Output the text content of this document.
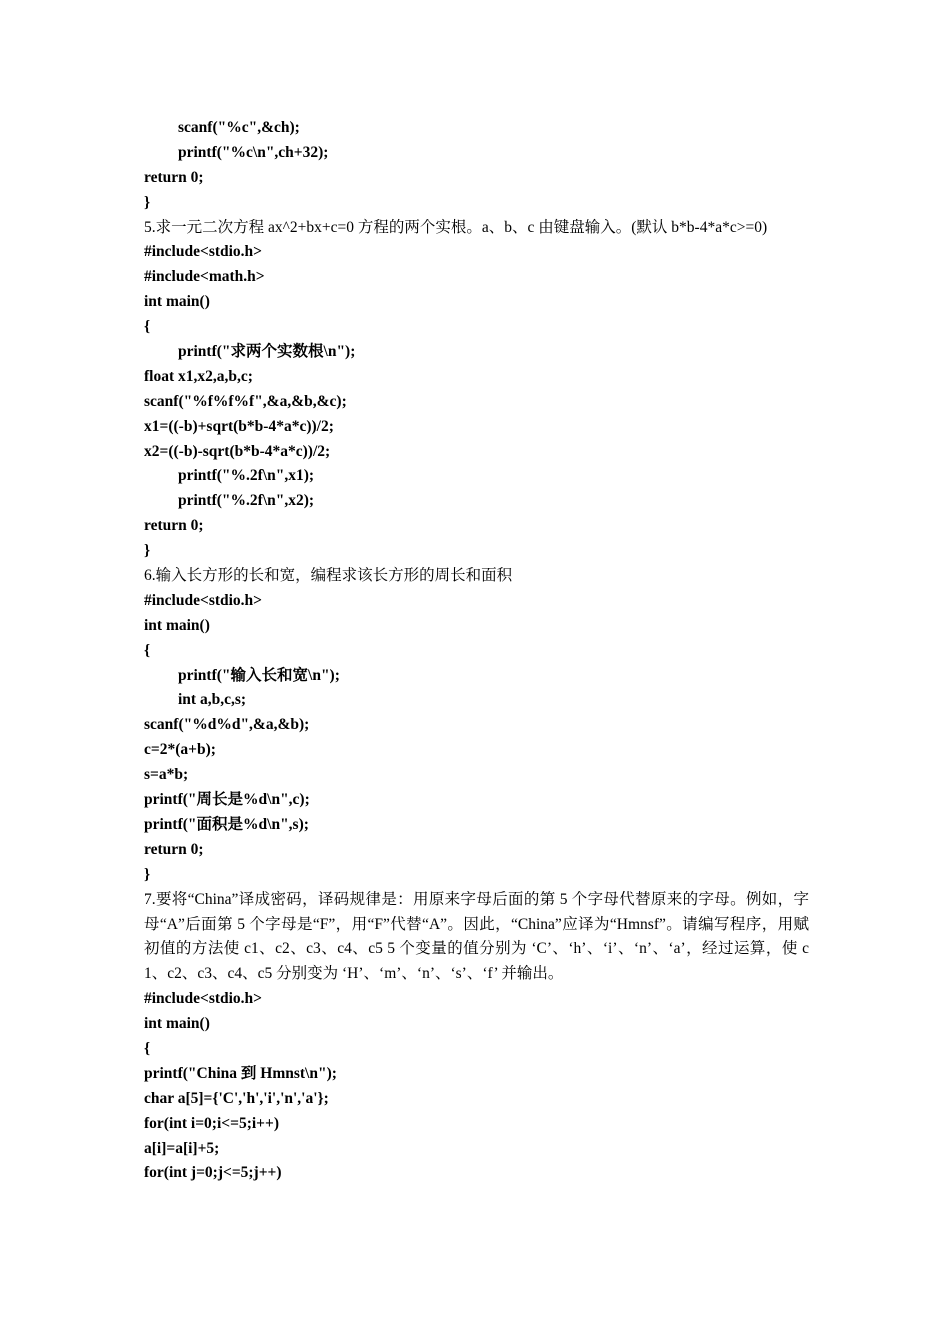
scanf("%c",&ch);
printf("%c\n",ch+32);
return 0;
}
5.求一元二次方程 ax^2+bx+c=0 方程的两个实根。a、b、c 由键盘输入。(默认 b*b-4*a*c>=0)
#include<stdio.h>
#include<math.h>
int main()
{
printf("求两个实数根\n");
float x1,x2,a,b,c;
scanf("%f%f%f",&a,&b,&c);
x1=((-b)+sqrt(b*b-4*a*c))/2;
x2=((-b)-sqrt(b*b-4*a*c))/2;
printf("%.2f\n",x1);
printf("%.2f\n",x2);
return 0;
}
6.输入长方形的长和宽，编程求该长方形的周长和面积
#include<stdio.h>
int main()
{
printf("输入长和宽\n");
int a,b,c,s;
scanf("%d%d",&a,&b);
c=2*(a+b);
s=a*b;
printf("周长是%d\n",c);
printf("面积是%d\n",s);
return 0;
}
7.要将“China”译成密码，译码规律是：用原来字母后面的第 5 个字母代替原来的字母。例如，字母“A”后面第 5 个字母是“F”，用“F”代替“A”。因此，“China”应译为“Hmnsf”。请编写程序，用赋初值的方法使 c1、c2、c3、c4、c5 5 个变量的值分别为 ‘C’、‘h’、‘i’、‘n’、‘a’，经过运算，使 c1、c2、c3、c4、c5 分别变为 ‘H’、‘m’、‘n’、‘s’、‘f’ 并输出。
#include<stdio.h>
int main()
{
printf("China 到 Hmnst\n");
char a[5]={'C','h','i','n','a'};
for(int i=0;i<=5;i++)
a[i]=a[i]+5;
for(int j=0;j<=5;j++)
